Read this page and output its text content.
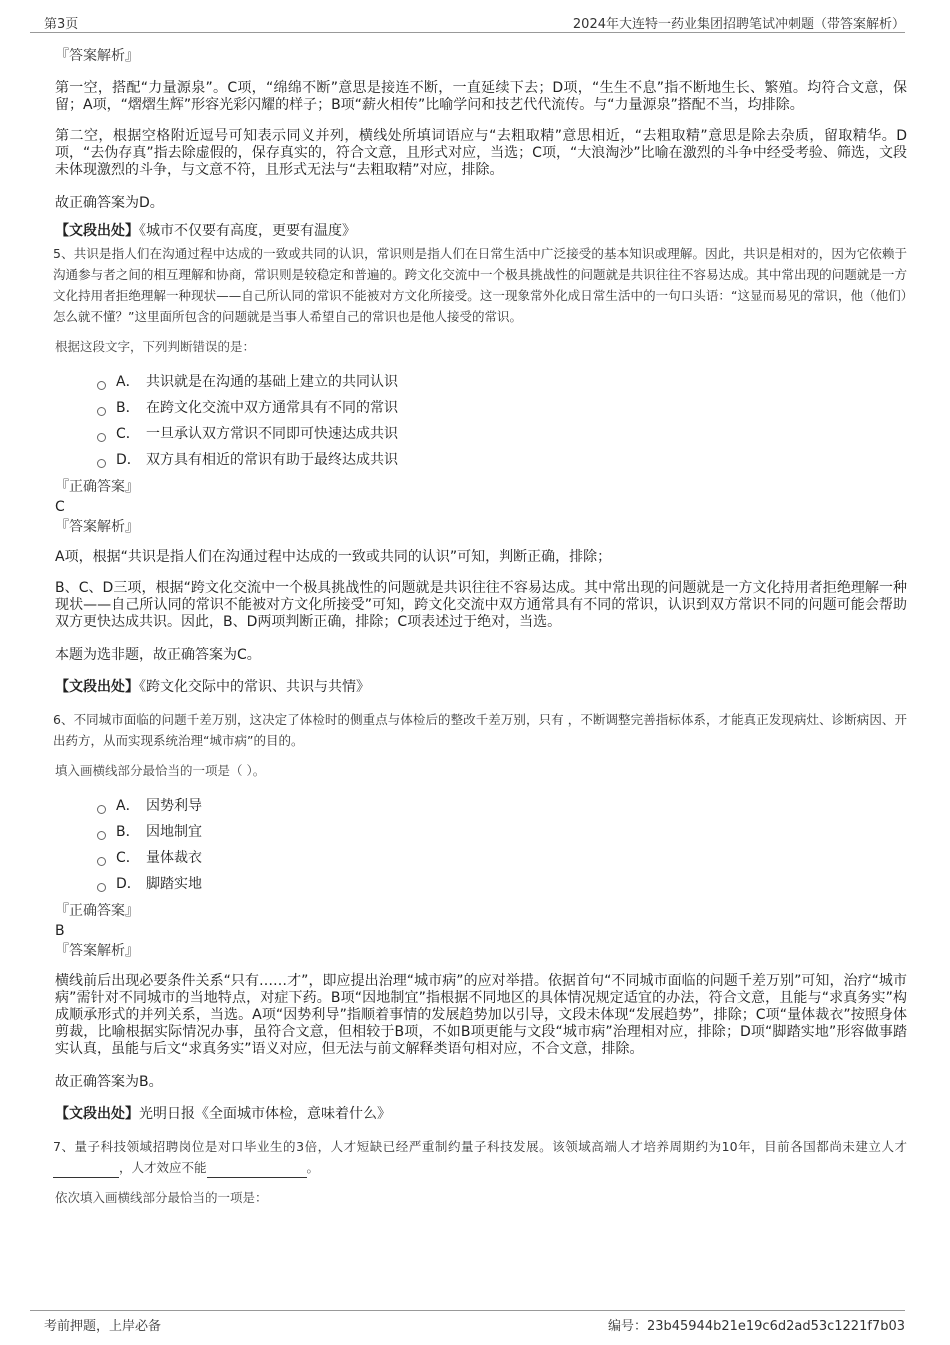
第3页	2024年大连特一药业集团招聘笔试冲刺题（带答案解析）

『答案解析』

第一空，搭配“力量源泉”。C项，“绵绵不断”意思是接连不断，一直延续下去；D项，“生生不息”指不断地生长、繁殖。均符合文意，保留；A项，“熠熠生辉”形容光彩闪耀的样子；B项“薪火相传”比喻学问和技艺代代流传。与“力量源泉”搭配不当，均排除。

第二空，根据空格附近逗号可知表示同义并列，横线处所填词语应与“去粗取精”意思相近，“去粗取精”意思是除去杂质，留取精华。D项，“去伪存真”指去除虚假的，保存真实的，符合文意，且形式对应，当选；C项，“大浪淘沙”比喻在激烈的斗争中经受考验、筛选，文段未体现激烈的斗争，与文意不符，且形式无法与“去粗取精”对应，排除。

故正确答案为D。

【文段出处】《城市不仅要有高度，更要有温度》

5、共识是指人们在沟通过程中达成的一致或共同的认识，常识则是指人们在日常生活中广泛接受的基本知识或理解。因此，共识是相对的，因为它依赖于沟通参与者之间的相互理解和协商，常识则是较稳定和普遍的。跨文化交流中一个极具挑战性的问题就是共识往往不容易达成。其中常出现的问题就是一方文化持用者拒绝理解一种现状——自己所认同的常识不能被对方文化所接受。这一现象常外化成日常生活中的一句口头语：“这显而易见的常识，他（他们）怎么就不懂？”这里面所包含的问题就是当事人希望自己的常识也是他人接受的常识。

根据这段文字，下列判断错误的是：

A． 共识就是在沟通的基础上建立的共同认识
B． 在跨文化交流中双方通常具有不同的常识
C． 一旦承认双方常识不同即可快速达成共识
D． 双方具有相近的常识有助于最终达成共识

『正确答案』

C

『答案解析』

A项，根据“共识是指人们在沟通过程中达成的一致或共同的认识”可知，判断正确，排除；

B、C、D三项，根据“跨文化交流中一个极具挑战性的问题就是共识往往不容易达成。其中常出现的问题就是一方文化持用者拒绝理解一种现状——自己所认同的常识不能被对方文化所接受”可知，跨文化交流中双方通常具有不同的常识，认识到双方常识不同的问题可能会帮助双方更快达成共识。因此，B、D两项判断正确，排除；C项表述过于绝对，当选。

本题为选非题，故正确答案为C。

【文段出处】《跨文化交际中的常识、共识与共情》

6、不同城市面临的问题千差万别，这决定了体检时的侧重点与体检后的整改千差万别，只有 ，不断调整完善指标体系，才能真正发现病灶、诊断病因、开出药方，从而实现系统治理“城市病”的目的。

填入画横线部分最恰当的一项是（ ）。

A． 因势利导
B． 因地制宜
C． 量体裁衣
D． 脚踏实地

『正确答案』

B

『答案解析』

横线前后出现必要条件关系“只有……才”，即应提出治理“城市病”的应对举措。依据首句“不同城市面临的问题千差万别”可知，治疗“城市病”需针对不同城市的当地特点，对症下药。B项“因地制宜”指根据不同地区的具体情况规定适宜的办法，符合文意，且能与“求真务实”构成顺承形式的并列关系，当选。A项“因势利导”指顺着事情的发展趋势加以引导，文段未体现“发展趋势”，排除；C项“量体裁衣”按照身体剪裁，比喻根据实际情况办事，虽符合文意，但相较于B项，不如B项更能与文段“城市病”治理相对应，排除；D项“脚踏实地”形容做事踏实认真，虽能与后文“求真务实”语义对应，但无法与前文解释类语句相对应，不合文意，排除。

故正确答案为B。

【文段出处】光明日报《全面城市体检，意味着什么》

7、量子科技领域招聘岗位是对口毕业生的3倍，人才短缺已经严重制约量子科技发展。该领域高端人才培养周期约为10年，目前各国都尚未建立人才，人才效应不能	。

依次填入画横线部分最恰当的一项是：

考前押题，上岸必备	编号：23b45944b21e19c6d2ad53c1221f7b03
